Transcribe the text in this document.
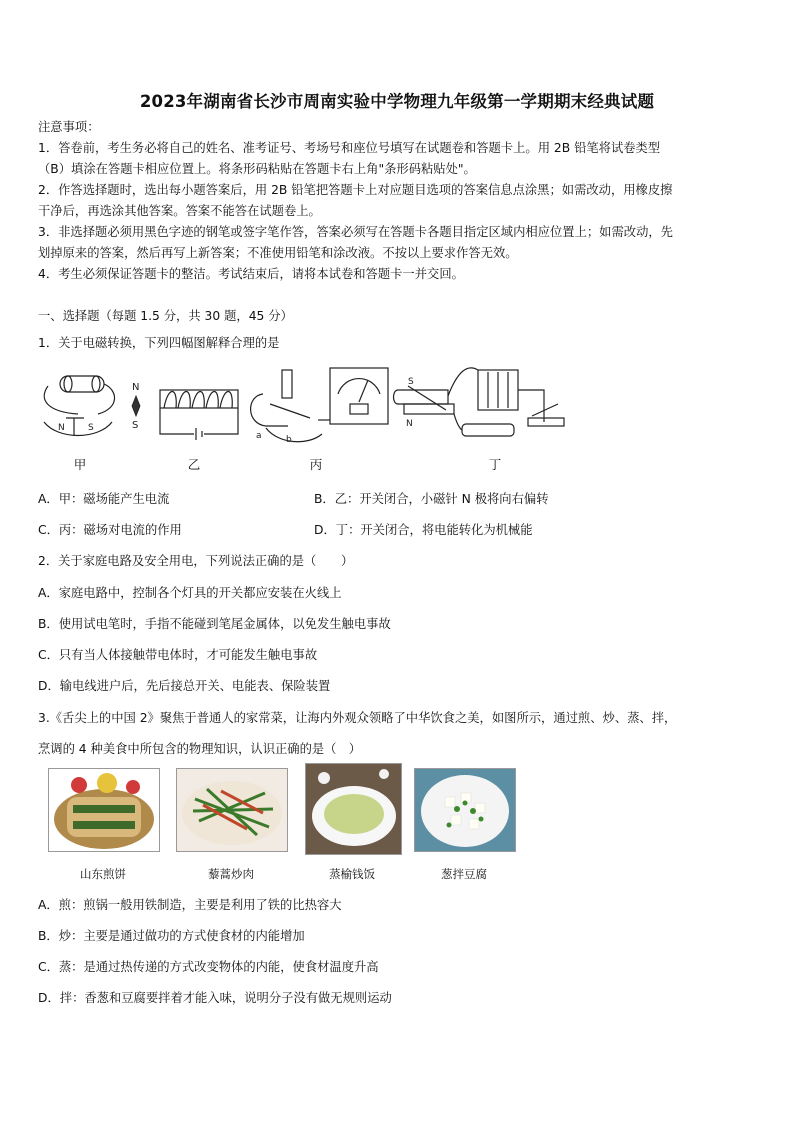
2023年湖南省长沙市周南实验中学物理九年级第一学期期末经典试题
注意事项：
1．答卷前，考生务必将自己的姓名、准考证号、考场号和座位号填写在试题卷和答题卡上。用 2B 铅笔将试卷类型
（B）填涂在答题卡相应位置上。将条形码粘贴在答题卡右上角"条形码粘贴处"。
2．作答选择题时，选出每小题答案后，用 2B 铅笔把答题卡上对应题目选项的答案信息点涂黑；如需改动，用橡皮擦
干净后，再选涂其他答案。答案不能答在试题卷上。
3．非选择题必须用黑色字迹的钢笔或签字笔作答，答案必须写在答题卡各题目指定区域内相应位置上；如需改动，先
划掉原来的答案，然后再写上新答案；不准使用铅笔和涂改液。不按以上要求作答无效。
4．考生必须保证答题卡的整洁。考试结束后，请将本试卷和答题卡一并交回。
一、选择题（每题 1.5 分，共 30 题，45 分）
1．关于电磁转换，下列四幅图解释合理的是
N	S
N
S
a	b
S
N
甲	乙	丙	丁
A．甲：磁场能产生电流	B．乙：开关闭合，小磁针 N 极将向右偏转
C．丙：磁场对电流的作用	D．丁：开关闭合，将电能转化为机械能
2．关于家庭电路及安全用电，下列说法正确的是（　　）
A．家庭电路中，控制各个灯具的开关都应安装在火线上
B．使用试电笔时，手指不能碰到笔尾金属体，以免发生触电事故
C．只有当人体接触带电体时，才可能发生触电事故
D．输电线进户后，先后接总开关、电能表、保险装置
3.《舌尖上的中国 2》聚焦于普通人的家常菜，让海内外观众领略了中华饮食之美，如图所示，通过煎、炒、蒸、拌，
烹调的 4 种美食中所包含的物理知识，认识正确的是（　）
山东煎饼	藜蒿炒肉	蒸榆钱饭	葱拌豆腐
A．煎：煎锅一般用铁制造，主要是利用了铁的比热容大
B．炒：主要是通过做功的方式使食材的内能增加
C．蒸：是通过热传递的方式改变物体的内能，使食材温度升高
D．拌：香葱和豆腐要拌着才能入味，说明分子没有做无规则运动
